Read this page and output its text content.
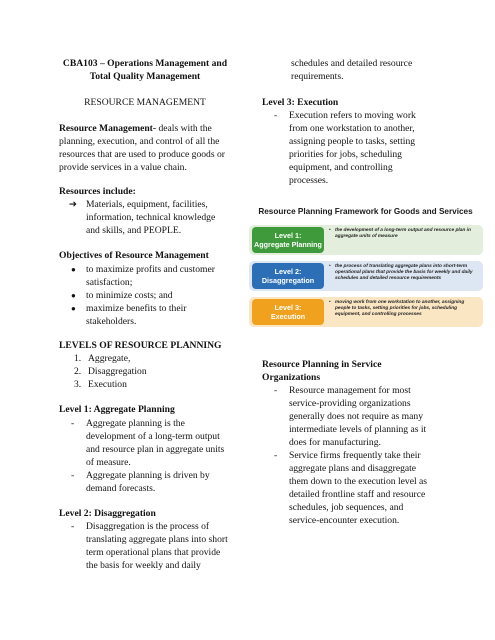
CBA103 – Operations Management and
Total Quality Management
RESOURCE MANAGEMENT
Resource Management- deals with the
planning, execution, and control of all the
resources that are used to produce goods or
provide services in a value chain.
Resources include:
➔ Materials, equipment, facilities,
information, technical knowledge
and skills, and PEOPLE.
Objectives of Resource Management
● to maximize profits and customer
satisfaction;
● to minimize costs; and
● maximize benefits to their
stakeholders.
LEVELS OF RESOURCE PLANNING
1. Aggregate,
2. Disaggregation
3. Execution
Level 1: Aggregate Planning
- Aggregate planning is the
development of a long-term output
and resource plan in aggregate units
of measure.
- Aggregate planning is driven by
demand forecasts.
Level 2: Disaggregation
- Disaggregation is the process of
translating aggregate plans into short
term operational plans that provide
the basis for weekly and daily
schedules and detailed resource
requirements.
Level 3: Execution
- Execution refers to moving work
from one workstation to another,
assigning people to tasks, setting
priorities for jobs, scheduling
equipment, and controlling
processes.
Resource Planning Framework for Goods and Services
Level 1:
Aggregate Planning
• the development of a long-term output and resource plan in
aggregate units of measure
Level 2:
Disaggregation
• the process of translating aggregate plans into short-term
operational plans that provide the basis for weekly and daily
schedules and detailed resource requirements
Level 3:
Execution
• moving work from one workstation to another, assigning
people to tasks, setting priorities for jobs, scheduling
equipment, and controlling processes
Resource Planning in Service
Organizations
- Resource management for most
service-providing organizations
generally does not require as many
intermediate levels of planning as it
does for manufacturing.
- Service firms frequently take their
aggregate plans and disaggregate
them down to the execution level as
detailed frontline staff and resource
schedules, job sequences, and
service-encounter execution.
